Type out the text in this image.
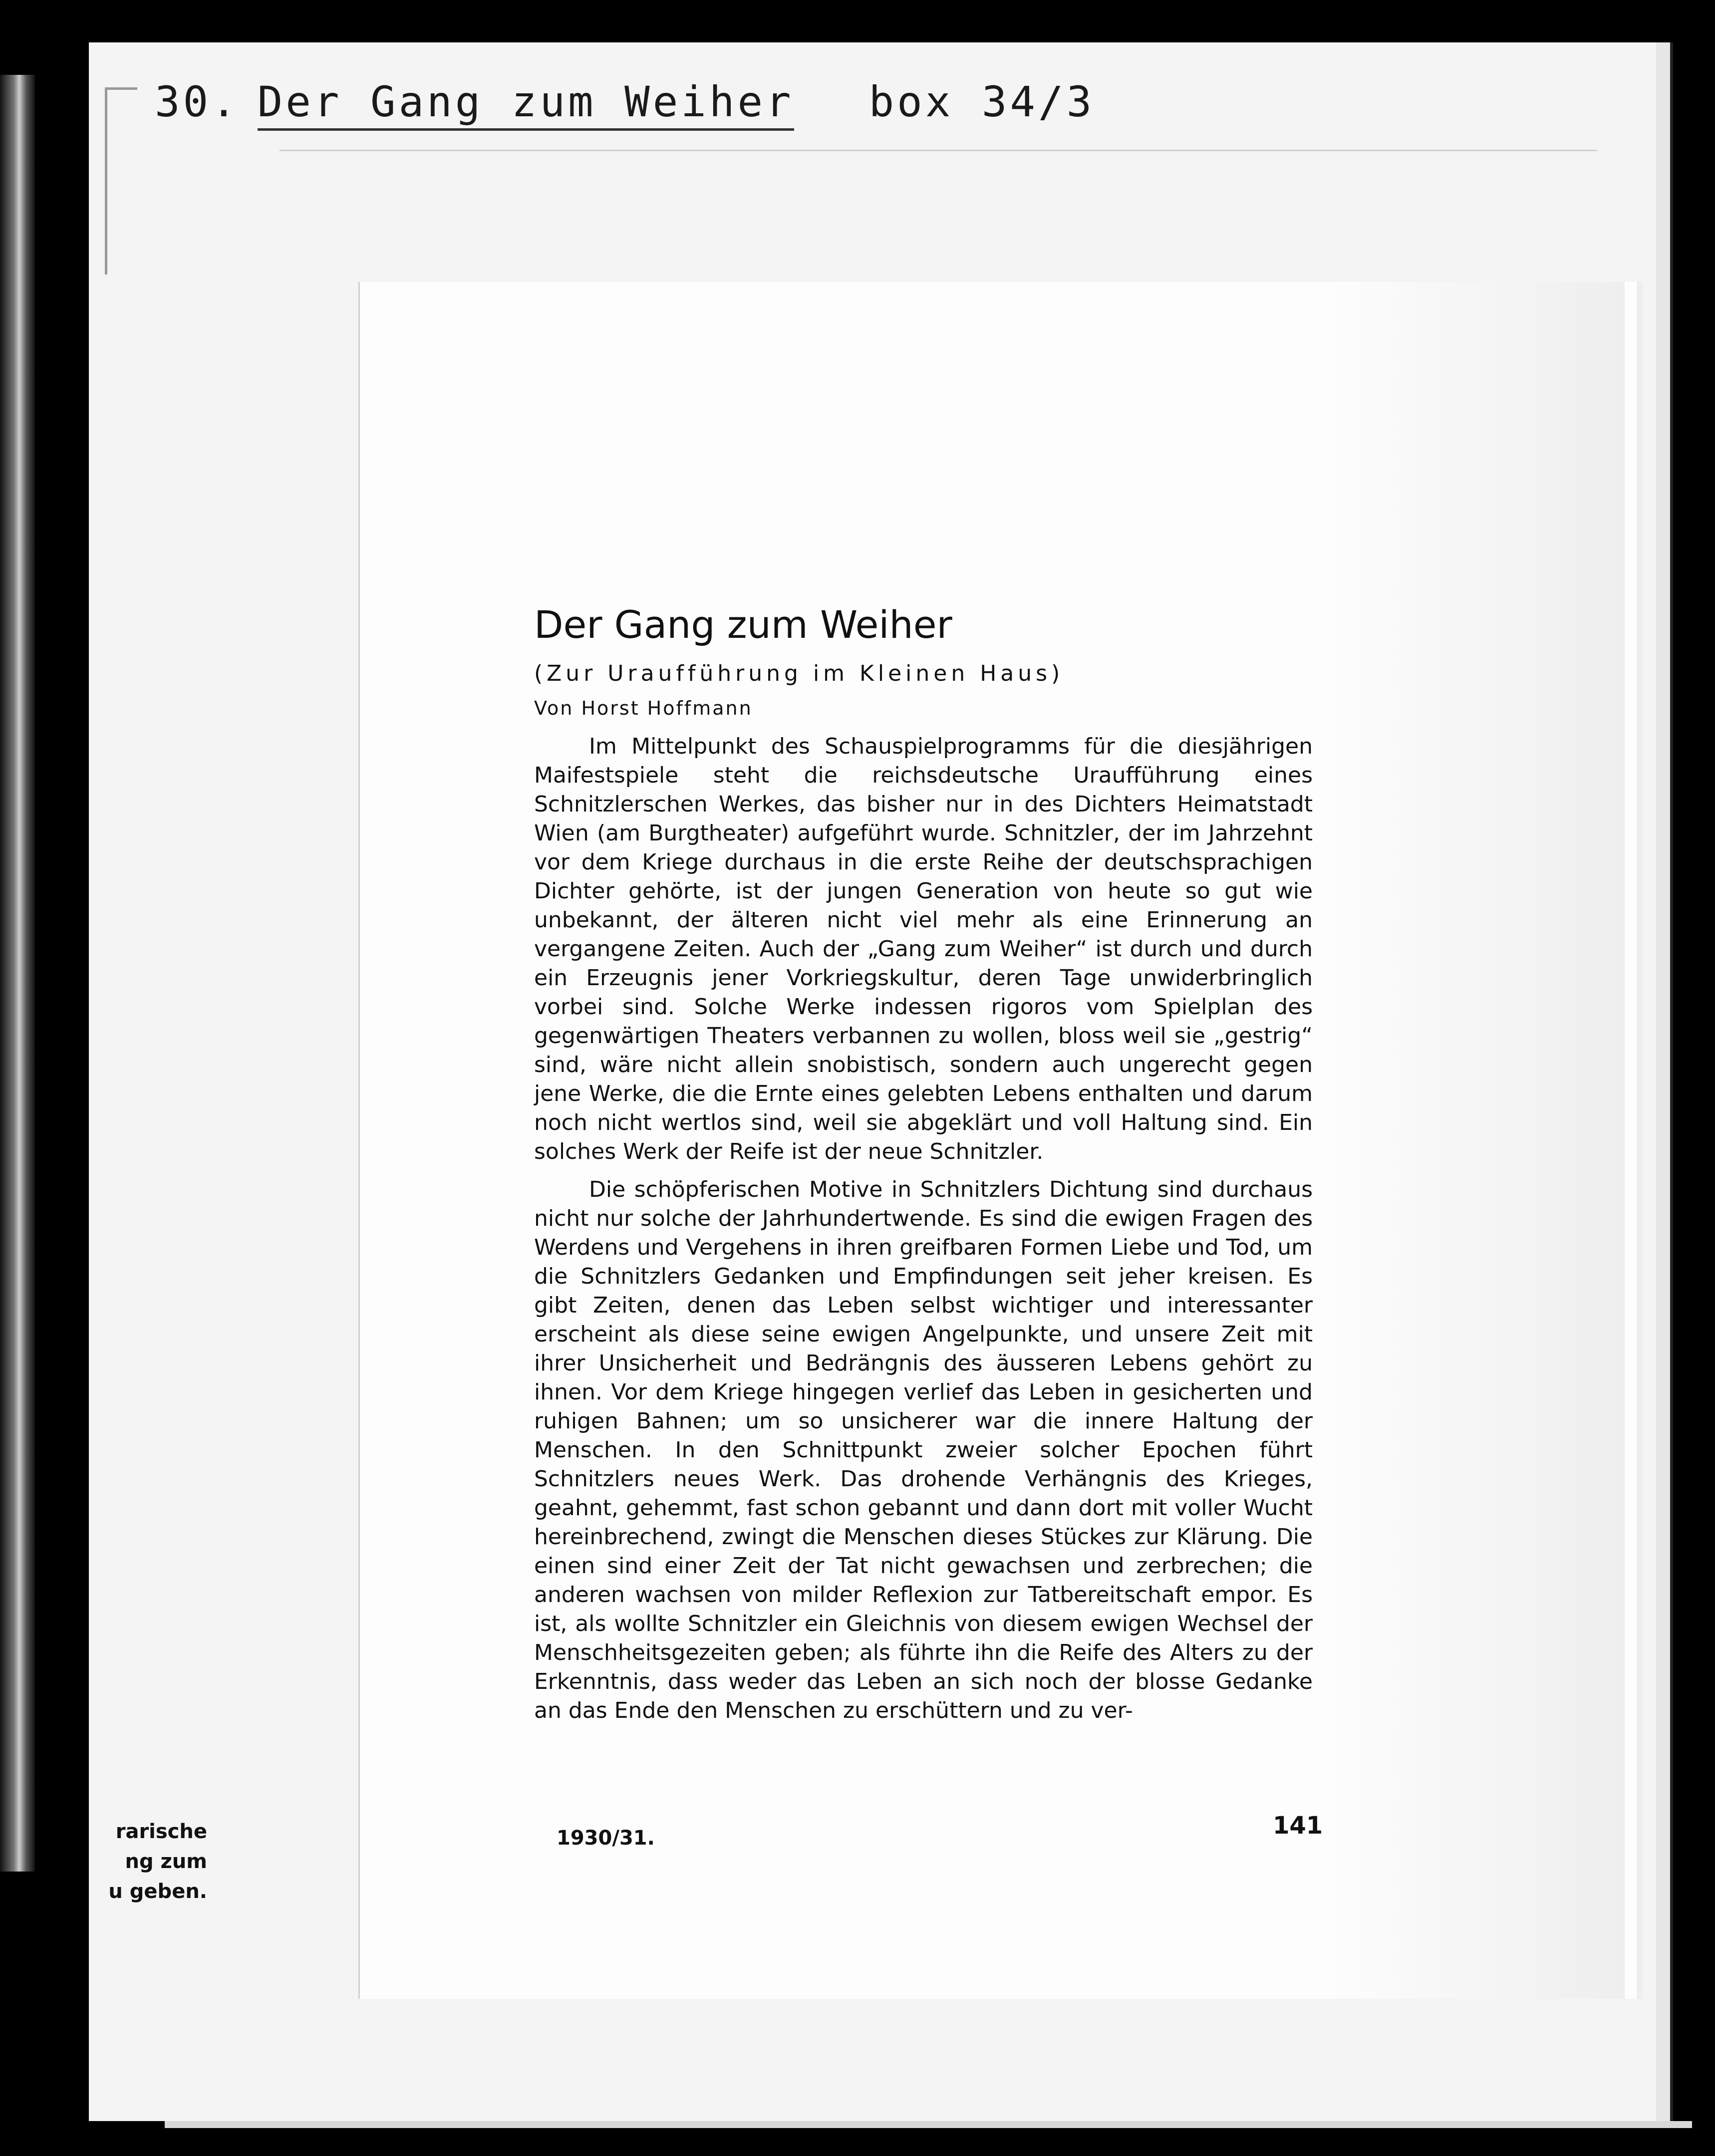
30. Der Gang zum Weiher box 34/3
Der Gang zum Weiher
(Zur Uraufführung im Kleinen Haus)
Von Horst Hoffmann

Im Mittelpunkt des Schauspielprogramms für die diesjährigen Maifestspiele steht die reichsdeutsche Uraufführung eines Schnitzlerschen Werkes, das bisher nur in des Dichters Heimatstadt Wien (am Burgtheater) aufgeführt wurde. Schnitzler, der im Jahrzehnt vor dem Kriege durchaus in die erste Reihe der deutschsprachigen Dichter gehörte, ist der jungen Generation von heute so gut wie unbekannt, der älteren nicht viel mehr als eine Erinnerung an vergangene Zeiten. Auch der „Gang zum Weiher“ ist durch und durch ein Erzeugnis jener Vorkriegskultur, deren Tage unwiderbringlich vorbei sind. Solche Werke indessen rigoros vom Spielplan des gegenwärtigen Theaters verbannen zu wollen, bloss weil sie „gestrig“ sind, wäre nicht allein snobistisch, sondern auch ungerecht gegen jene Werke, die die Ernte eines gelebten Lebens enthalten und darum noch nicht wertlos sind, weil sie abgeklärt und voll Haltung sind. Ein solches Werk der Reife ist der neue Schnitzler.

Die schöpferischen Motive in Schnitzlers Dichtung sind durchaus nicht nur solche der Jahrhundertwende. Es sind die ewigen Fragen des Werdens und Vergehens in ihren greifbaren Formen Liebe und Tod, um die Schnitzlers Gedanken und Empfindungen seit jeher kreisen. Es gibt Zeiten, denen das Leben selbst wichtiger und interessanter erscheint als diese seine ewigen Angelpunkte, und unsere Zeit mit ihrer Unsicherheit und Bedrängnis des äusseren Lebens gehört zu ihnen. Vor dem Kriege hingegen verlief das Leben in gesicherten und ruhigen Bahnen; um so unsicherer war die innere Haltung der Menschen. In den Schnittpunkt zweier solcher Epochen führt Schnitzlers neues Werk. Das drohende Verhängnis des Krieges, geahnt, gehemmt, fast schon gebannt und dann dort mit voller Wucht hereinbrechend, zwingt die Menschen dieses Stückes zur Klärung. Die einen sind einer Zeit der Tat nicht gewachsen und zerbrechen; die anderen wachsen von milder Reflexion zur Tatbereitschaft empor. Es ist, als wollte Schnitzler ein Gleichnis von diesem ewigen Wechsel der Menschheitsgezeiten geben; als führte ihn die Reife des Alters zu der Erkenntnis, dass weder das Leben an sich noch der blosse Gedanke an das Ende den Menschen zu erschüttern und zu ver-

1930/31.	141
rarische
ng zum
u geben.
